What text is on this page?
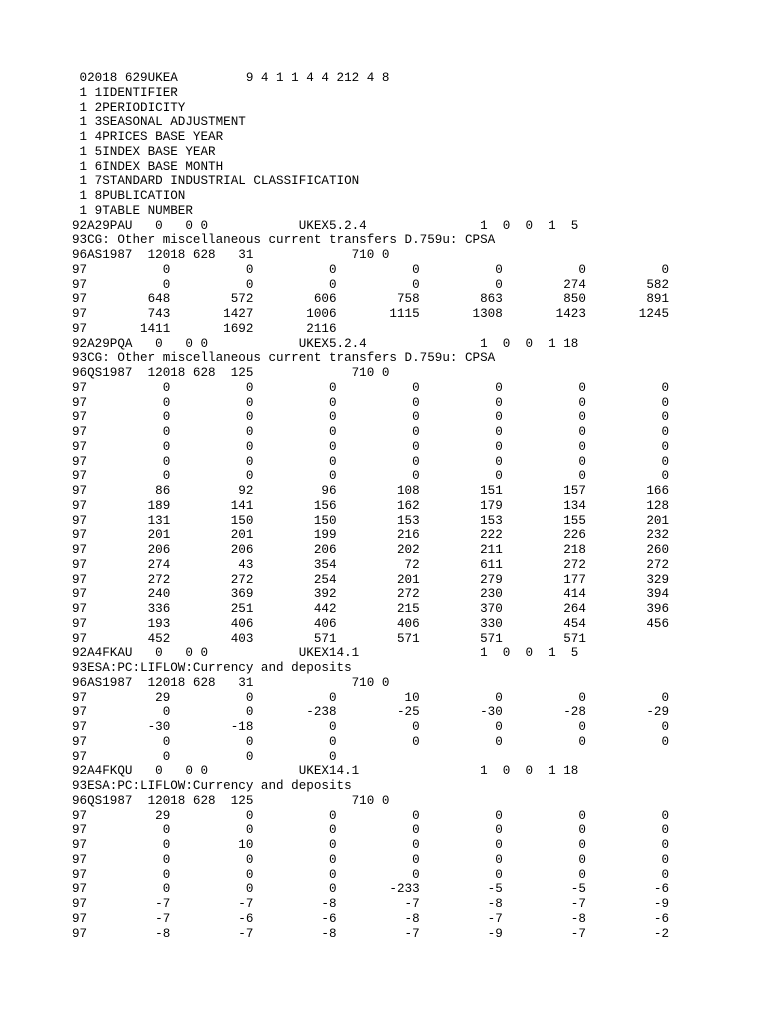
02018 629UKEA         9 4 1 1 4 4 212 4 8
1 1IDENTIFIER
1 2PERIODICITY
1 3SEASONAL ADJUSTMENT
1 4PRICES BASE YEAR
1 5INDEX BASE YEAR
1 6INDEX BASE MONTH
1 7STANDARD INDUSTRIAL CLASSIFICATION
1 8PUBLICATION
1 9TABLE NUMBER
92A29PAU   0   0 0            UKEX5.2.4               1  0  0  1  5
93CG: Other miscellaneous current transfers D.759u: CPSA
96AS1987  12018 628   31             710 0
97          0          0          0          0          0          0          0
97          0          0          0          0          0        274        582
97        648        572        606        758        863        850        891
97        743       1427       1006       1115       1308       1423       1245
97       1411       1692       2116
92A29PQA   0   0 0            UKEX5.2.4               1  0  0  1 18
93CG: Other miscellaneous current transfers D.759u: CPSA
96QS1987  12018 628  125             710 0
97          0          0          0          0          0          0          0
97          0          0          0          0          0          0          0
97          0          0          0          0          0          0          0
97          0          0          0          0          0          0          0
97          0          0          0          0          0          0          0
97          0          0          0          0          0          0          0
97          0          0          0          0          0          0          0
97         86         92         96        108        151        157        166
97        189        141        156        162        179        134        128
97        131        150        150        153        153        155        201
97        201        201        199        216        222        226        232
97        206        206        206        202        211        218        260
97        274         43        354         72        611        272        272
97        272        272        254        201        279        177        329
97        240        369        392        272        230        414        394
97        336        251        442        215        370        264        396
97        193        406        406        406        330        454        456
97        452        403        571        571        571        571
92A4FKAU   0   0 0            UKEX14.1                1  0  0  1  5
93ESA:PC:LIFLOW:Currency and deposits
96AS1987  12018 628   31             710 0
97         29          0          0         10          0          0          0
97          0          0       -238        -25        -30        -28        -29
97        -30        -18          0          0          0          0          0
97          0          0          0          0          0          0          0
97          0          0          0
92A4FKQU   0   0 0            UKEX14.1                1  0  0  1 18
93ESA:PC:LIFLOW:Currency and deposits
96QS1987  12018 628  125             710 0
97         29          0          0          0          0          0          0
97          0          0          0          0          0          0          0
97          0         10          0          0          0          0          0
97          0          0          0          0          0          0          0
97          0          0          0          0          0          0          0
97          0          0          0       -233         -5         -5         -6
97         -7         -7         -8         -7         -8         -7         -9
97         -7         -6         -6         -8         -7         -8         -6
97         -8         -7         -8         -7         -9         -7         -2
